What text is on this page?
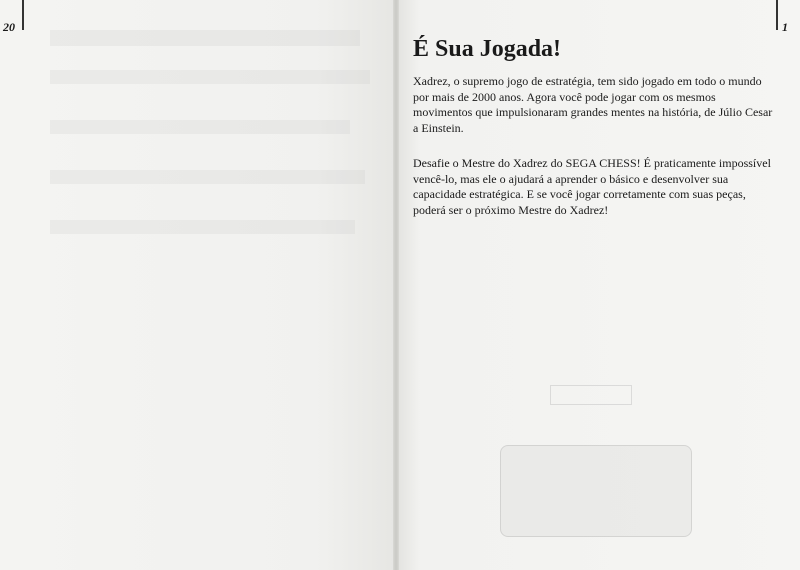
20	1
É Sua Jogada!

Xadrez, o supremo jogo de estratégia, tem sido jogado em todo o mundo por mais de 2000 anos. Agora você pode jogar com os mesmos movimentos que impulsionaram grandes mentes na história, de Júlio Cesar a Einstein.

Desafie o Mestre do Xadrez do SEGA CHESS! É praticamente impossível vencê-lo, mas ele o ajudará a aprender o básico e desenvolver sua capacidade estratégica. E se você jogar corretamente com suas peças, poderá ser o próximo Mestre do Xadrez!
